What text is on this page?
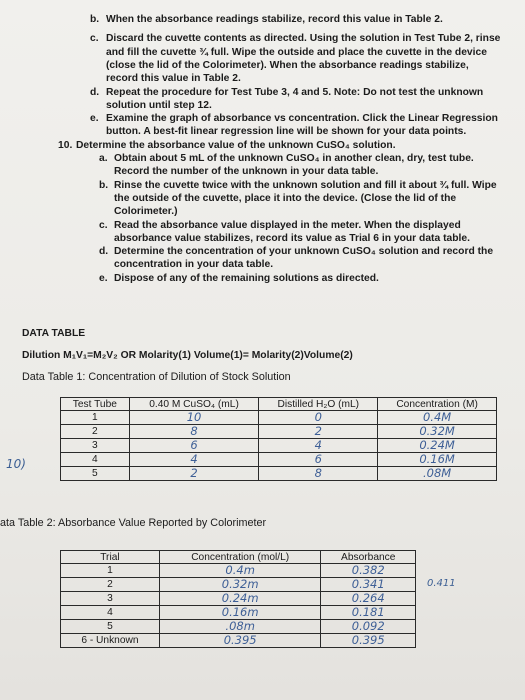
b. When the absorbance readings stabilize, record this value in Table 2.
c. Discard the cuvette contents as directed. Using the solution in Test Tube 2, rinse
and fill the cuvette ¾ full. Wipe the outside and place the cuvette in the device
(close the lid of the Colorimeter). When the absorbance readings stabilize,
record this value in Table 2.
d. Repeat the procedure for Test Tube 3, 4 and 5. Note: Do not test the unknown
solution until step 12.
e. Examine the graph of absorbance vs concentration. Click the Linear Regression
button. A best-fit linear regression line will be shown for your data points.
10. Determine the absorbance value of the unknown CuSO₄ solution.
a. Obtain about 5 mL of the unknown CuSO₄ in another clean, dry, test tube.
Record the number of the unknown in your data table.
b. Rinse the cuvette twice with the unknown solution and fill it about ¾ full. Wipe
the outside of the cuvette, place it into the device. (Close the lid of the
Colorimeter.)
c. Read the absorbance value displayed in the meter. When the displayed
absorbance value stabilizes, record its value as Trial 6 in your data table.
d. Determine the concentration of your unknown CuSO₄ solution and record the
concentration in your data table.
e. Dispose of any of the remaining solutions as directed.
DATA TABLE
Dilution M₁V₁=M₂V₂ OR Molarity(1) Volume(1)= Molarity(2)Volume(2)
Data Table 1: Concentration of Dilution of Stock Solution
10)
Test Tube	0.40 M CuSO₄ (mL)	Distilled H₂O (mL)	Concentration (M)
1	10	0	0.4M
2	8	2	0.32M
3	6	4	0.24M
4	4	6	0.16M
5	2	8	.08M
ata Table 2: Absorbance Value Reported by Colorimeter
Trial	Concentration (mol/L)	Absorbance
1	0.4m	0.382
2	0.32m	0.341
3	0.24m	0.264
4	0.16m	0.181
5	.08m	0.092
6 - Unknown	0.395	0.395
0.411
